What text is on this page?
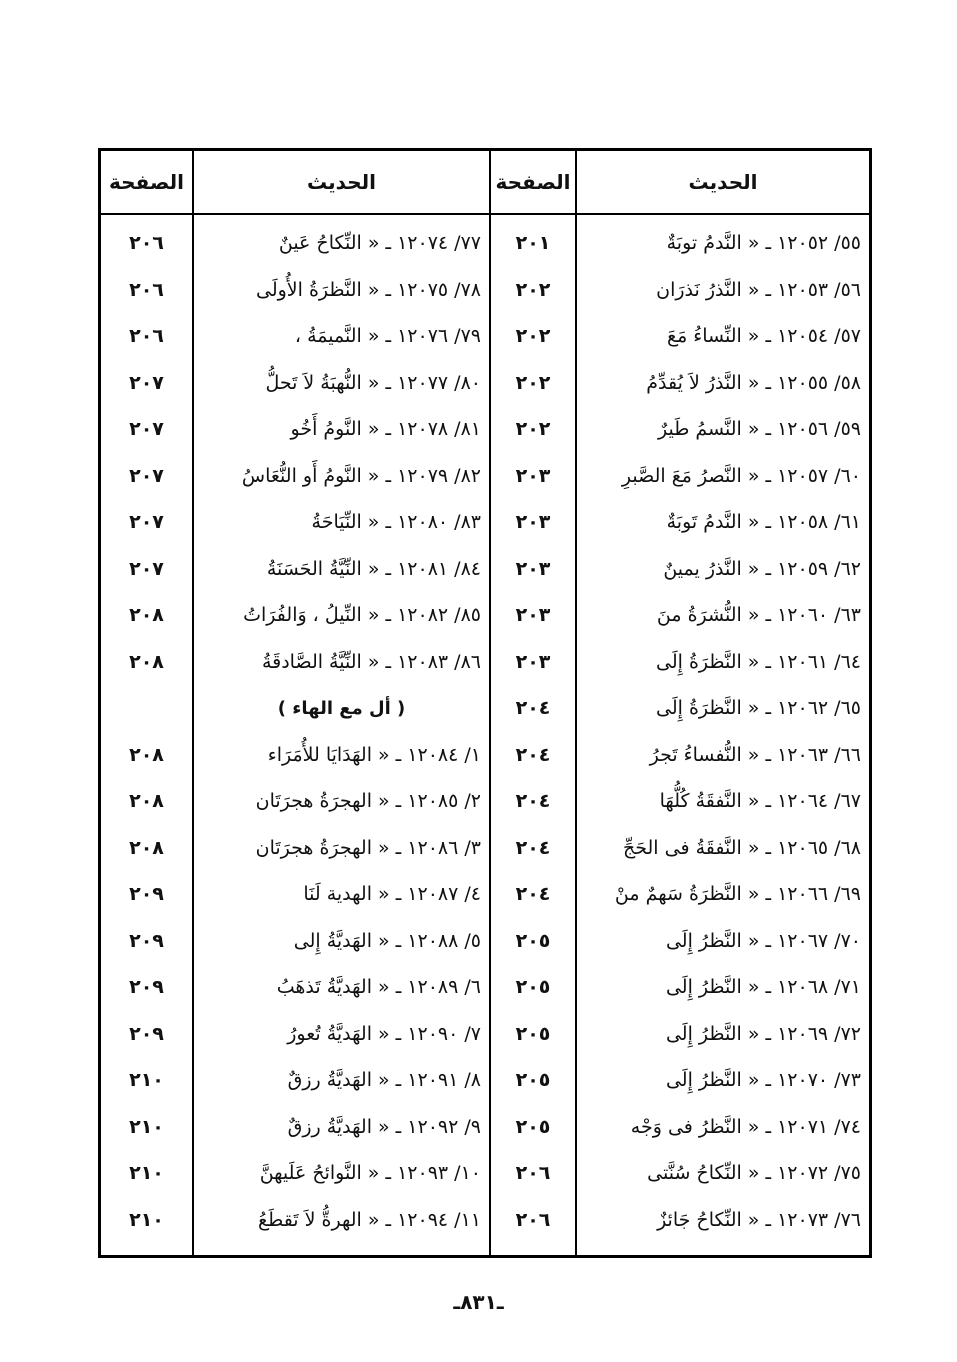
الحديث
الصفحة
الحديث
الصفحة
٥٥/ ١٢٠٥٢ ـ « النَّدمُ توبَةٌ
٢٠١
٥٦/ ١٢٠٥٣ ـ « النَّذرُ نَذرَان
٢٠٢
٥٧/ ١٢٠٥٤ ـ « النِّساءُ مَعَ
٢٠٢
٥٨/ ١٢٠٥٥ ـ « النَّذرُ لاَ يُقدِّمُ
٢٠٢
٥٩/ ١٢٠٥٦ ـ « النَّسمُ طَيرٌ
٢٠٢
٦٠/ ١٢٠٥٧ ـ « النَّصرُ مَعَ الصَّبرِ
٢٠٣
٦١/ ١٢٠٥٨ ـ « النَّدمُ تَوبَةٌ
٢٠٣
٦٢/ ١٢٠٥٩ ـ « النَّذرُ يمينٌ
٢٠٣
٦٣/ ١٢٠٦٠ ـ « النُّشرَةُ منَ
٢٠٣
٦٤/ ١٢٠٦١ ـ « النَّظرَةُ إِلَى
٢٠٣
٦٥/ ١٢٠٦٢ ـ « النَّظرَةُ إِلَى
٢٠٤
٦٦/ ١٢٠٦٣ ـ « النُّفساءُ تَجرُ
٢٠٤
٦٧/ ١٢٠٦٤ ـ « النَّفقَةُ كُلُّهَا
٢٠٤
٦٨/ ١٢٠٦٥ ـ « النَّفقَةُ فى الحَجِّ
٢٠٤
٦٩/ ١٢٠٦٦ ـ « النَّظرَةُ سَهمٌ منْ
٢٠٤
٧٠/ ١٢٠٦٧ ـ « النَّظرُ إِلَى
٢٠٥
٧١/ ١٢٠٦٨ ـ « النَّظرُ إِلَى
٢٠٥
٧٢/ ١٢٠٦٩ ـ « النَّظرُ إِلَى
٢٠٥
٧٣/ ١٢٠٧٠ ـ « النَّظرُ إِلَى
٢٠٥
٧٤/ ١٢٠٧١ ـ « النَّظرُ فى وَجْه
٢٠٥
٧٥/ ١٢٠٧٢ ـ « النِّكاحُ سُنَّتى
٢٠٦
٧٦/ ١٢٠٧٣ ـ « النِّكاحُ جَائزٌ
٢٠٦
٧٧/ ١٢٠٧٤ ـ « النِّكاحُ عَينٌ
٢٠٦
٧٨/ ١٢٠٧٥ ـ « النَّظرَةُ الأُولَى
٢٠٦
٧٩/ ١٢٠٧٦ ـ « النَّميمَةُ ،
٢٠٦
٨٠/ ١٢٠٧٧ ـ « النُّهبَةُ لاَ تَحلُّ
٢٠٧
٨١/ ١٢٠٧٨ ـ « النَّومُ أَخُو
٢٠٧
٨٢/ ١٢٠٧٩ ـ « النَّومُ أَو النُّعَاسُ
٢٠٧
٨٣/ ١٢٠٨٠ ـ « النِّيَاحَةُ
٢٠٧
٨٤/ ١٢٠٨١ ـ « النِّيَّةُ الحَسَنَةُ
٢٠٧
٨٥/ ١٢٠٨٢ ـ « النِّيلُ ، وَالفُرَاتُ
٢٠٨
٨٦/ ١٢٠٨٣ ـ « النِّيَّةُ الصَّادقَةُ
٢٠٨
( أل مع الهاء )
١/ ١٢٠٨٤ ـ « الهَدَايَا للأُمَرَاء
٢٠٨
٢/ ١٢٠٨٥ ـ « الهجرَةُ هجرَتَان
٢٠٨
٣/ ١٢٠٨٦ ـ « الهجرَةُ هجرَتَان
٢٠٨
٤/ ١٢٠٨٧ ـ « الهدية لَنَا
٢٠٩
٥/ ١٢٠٨٨ ـ « الهَديَّةُ إِلى
٢٠٩
٦/ ١٢٠٨٩ ـ « الهَديَّةُ تَذهَبُ
٢٠٩
٧/ ١٢٠٩٠ ـ « الهَديَّةُ تُعورُ
٢٠٩
٨/ ١٢٠٩١ ـ « الهَديَّةُ رزقٌ
٢١٠
٩/ ١٢٠٩٢ ـ « الهَديَّةُ رزقٌ
٢١٠
١٠/ ١٢٠٩٣ ـ « النَّوائحُ عَلَيهنَّ
٢١٠
١١/ ١٢٠٩٤ ـ « الهرةُّ لاَ تَقطَعُ
٢١٠
ـ٨٣١ـ
